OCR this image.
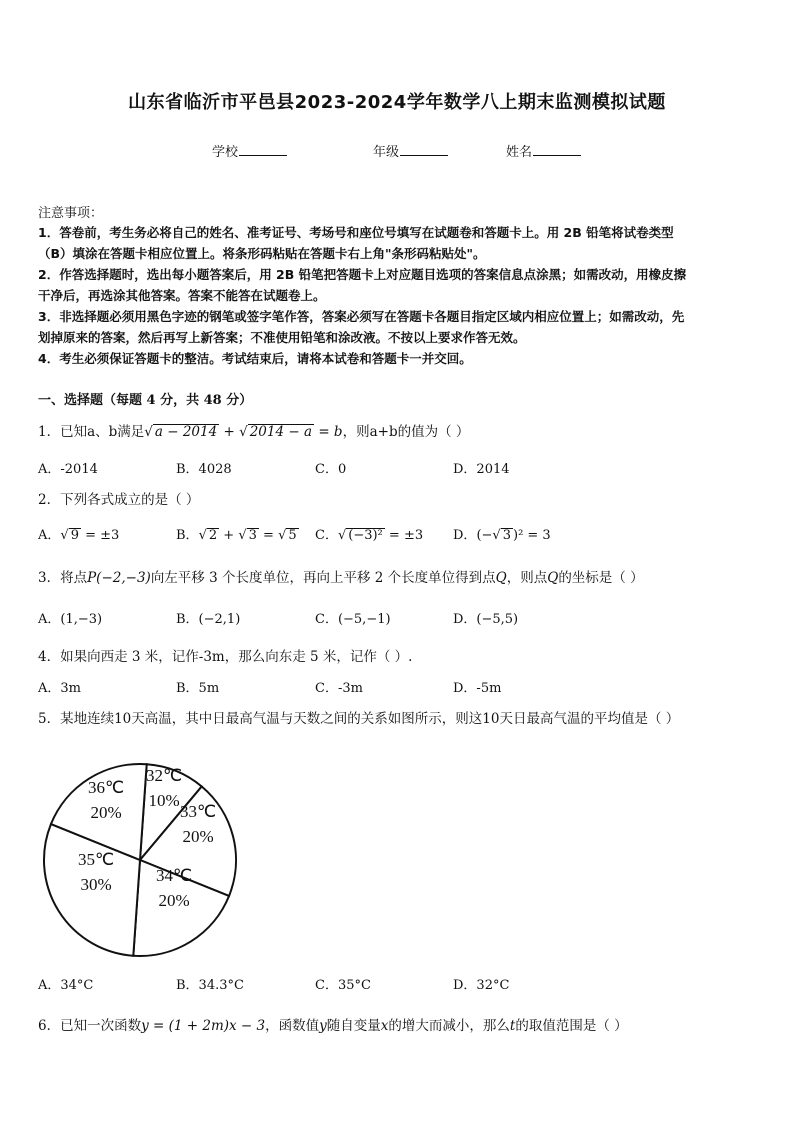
山东省临沂市平邑县2023-2024学年数学八上期末监测模拟试题
学校	年级	姓名
注意事项：
1．答卷前，考生务必将自己的姓名、准考证号、考场号和座位号填写在试题卷和答题卡上。用 2B 铅笔将试卷类型
（B）填涂在答题卡相应位置上。将条形码粘贴在答题卡右上角"条形码粘贴处"。
2．作答选择题时，选出每小题答案后，用 2B 铅笔把答题卡上对应题目选项的答案信息点涂黑；如需改动，用橡皮擦
干净后，再选涂其他答案。答案不能答在试题卷上。
3．非选择题必须用黑色字迹的钢笔或签字笔作答，答案必须写在答题卡各题目指定区域内相应位置上；如需改动，先
划掉原来的答案，然后再写上新答案；不准使用铅笔和涂改液。不按以上要求作答无效。
4．考生必须保证答题卡的整洁。考试结束后，请将本试卷和答题卡一并交回。
一、选择题（每题 4 分，共 48 分）
1．已知a、b满足√ a − 2014 + √ 2014 − a = b，则a+b的值为（ ）
A．-2014	B．4028	C．0	D．2014
2．下列各式成立的是（ ）
A．√ 9 = ±3	B．√ 2 + √ 3 = √ 5 C．√ (−3)² = ±3 D．(−√ 3 )² = 3
3．将点P(−2,−3)向左平移 3 个长度单位，再向上平移 2 个长度单位得到点Q，则点Q的坐标是（ ）
A．(1,−3)	B．(−2,1)	C．(−5,−1)	D．(−5,5)
4．如果向西走 3 米，记作-3m，那么向东走 5 米，记作（ ）.
A．3m	B．5m	C．-3m	D．-5m
5．某地连续10天高温，其中日最高气温与天数之间的关系如图所示，则这10天日最高气温的平均值是（ ）
32℃
10%
33℃
20%
34℃
20%
35℃
30%
36℃
20%
A．34°C	B．34.3°C	C．35°C	D．32°C
6．已知一次函数y = (1 + 2m)x − 3，函数值y随自变量x的增大而减小，那么t的取值范围是（ ）
